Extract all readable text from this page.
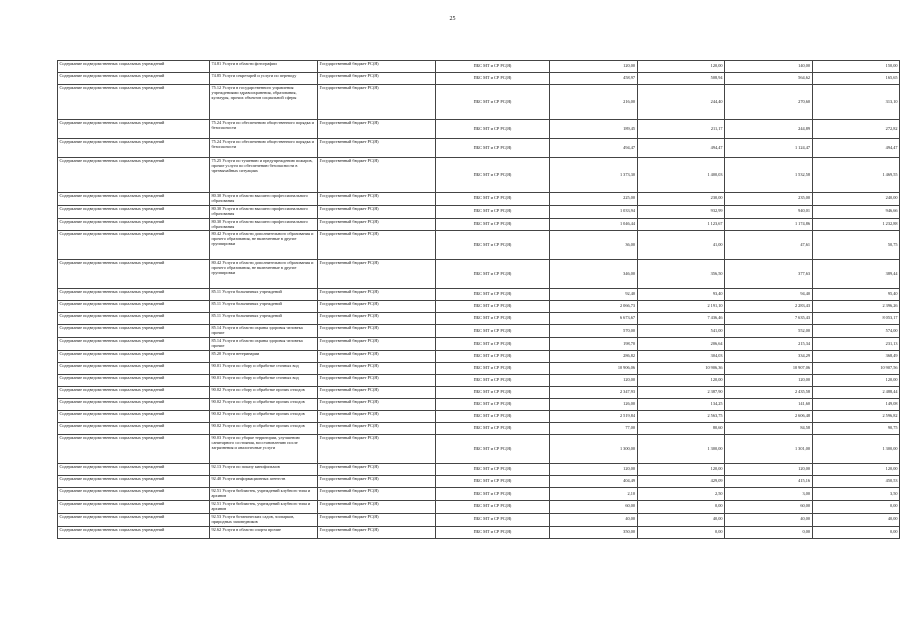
25
Содержание подведомственных социальных учреждений	74.81 Услуги в области фотографии	Государственный бюджет РС(Я)	ПБС МТ и СР РС(Я)	120,00	120,00	140,00	150,00
Содержание подведомственных социальных учреждений	74.85 Услуги секретарей и услуги по переводу	Государственный бюджет РС(Я)	ПБС МТ и СР РС(Я)	458,97	508,94	564,62	165,65
Содержание подведомственных социальных учреждений	75.12 Услуги в государственного управления учреждениями здравоохранения, образования, культуры, прочих объектов социальной сферы	Государственный бюджет РС(Я)	ПБС МТ и СР РС(Я)	216,00	244,40	270,60	313,10
Содержание подведомственных социальных учреждений	75.24 Услуги по обеспечению общественного порядка и безопасности	Государственный бюджет РС(Я)	ПБС МТ и СР РС(Я)	189,45	211,17	244,89	272,82
Содержание подведомственных социальных учреждений	75.24 Услуги по обеспечению общественного порядка и безопасности	Государственный бюджет РС(Я)	ПБС МТ и СР РС(Я)	494,47	494,47	1 124,47	494,47
Содержание подведомственных социальных учреждений	75.25 Услуги по тушению и предупреждению пожаров, прочие услуги по обеспечению безопасности в чрезвычайных ситуациях	Государственный бюджет РС(Я)	ПБС МТ и СР РС(Я)	1 373,30	1 400,03	1 532,58	1 469,55
Содержание подведомственных социальных учреждений	80.30 Услуги в области высшего профессионального образования	Государственный бюджет РС(Я)	ПБС МТ и СР РС(Я)	225,00	230,00	235,00	240,00
Содержание подведомственных социальных учреждений	80.30 Услуги в области высшего профессионального образования	Государственный бюджет РС(Я)	ПБС МТ и СР РС(Я)	1 033,94	932,99	940,01	946,66
Содержание подведомственных социальных учреждений	80.30 Услуги в области высшего профессионального образования	Государственный бюджет РС(Я)	ПБС МТ и СР РС(Я)	1 046,44	1 123,67	1 174,86	1 232,88
Содержание подведомственных социальных учреждений	80.42 Услуги в области дополнительного образования и прочего образования, не включенные в другие группировки	Государственный бюджет РС(Я)	ПБС МТ и СР РС(Я)	36,00	41,00	47,61	50,75
Содержание подведомственных социальных учреждений	80.42 Услуги в области дополнительного образования и прочего образования, не включенные в другие группировки	Государственный бюджет РС(Я)	ПБС МТ и СР РС(Я)	346,00	356,50	377,63	389,44
Содержание подведомственных социальных учреждений	85.11 Услуги больничных учреждений	Государственный бюджет РС(Я)	ПБС МТ и СР РС(Я)	92,40	93,40	94,40	95,40
Содержание подведомственных социальных учреждений	85.11 Услуги больничных учреждений	Государственный бюджет РС(Я)	ПБС МТ и СР РС(Я)	2 066,73	2 191,10	2 283,43	2 396,26
Содержание подведомственных социальных учреждений	85.11 Услуги больничных учреждений	Государственный бюджет РС(Я)	ПБС МТ и СР РС(Я)	6 673,67	7 436,46	7 635,43	8 053,17
Содержание подведомственных социальных учреждений	85.14 Услуги в области охраны здоровья человека прочие	Государственный бюджет РС(Я)	ПБС МТ и СР РС(Я)	570,00	541,00	552,00	574,00
Содержание подведомственных социальных учреждений	85.14 Услуги в области охраны здоровья человека прочие	Государственный бюджет РС(Я)	ПБС МТ и СР РС(Я)	198,70	206,64	215,34	231,13
Содержание подведомственных социальных учреждений	85.20 Услуги ветеринарии	Государственный бюджет РС(Я)	ПБС МТ и СР РС(Я)	286,82	304,03	334,29	368,49
Содержание подведомственных социальных учреждений	90.01 Услуги по сбору и обработке сточных вод	Государственный бюджет РС(Я)	ПБС МТ и СР РС(Я)	10 906,06	10 906,36	10 907,06	10 907,56
Содержание подведомственных социальных учреждений	90.01 Услуги по сбору и обработке сточных вод	Государственный бюджет РС(Я)	ПБС МТ и СР РС(Я)	120,00	120,00	120,00	120,00
Содержание подведомственных социальных учреждений	90.02 Услуги по сбору и обработке прочих отходов	Государственный бюджет РС(Я)	ПБС МТ и СР РС(Я)	2 347,93	2 387,90	2 435,58	2 488,44
Содержание подведомственных социальных учреждений	90.02 Услуги по сбору и обработке прочих отходов	Государственный бюджет РС(Я)	ПБС МТ и СР РС(Я)	126,00	134,25	141,60	149,08
Содержание подведомственных социальных учреждений	90.02 Услуги по сбору и обработке прочих отходов	Государственный бюджет РС(Я)	ПБС МТ и СР РС(Я)	2 519,84	2 563,75	2 606,48	2 596,82
Содержание подведомственных социальных учреждений	90.02 Услуги по сбору и обработке прочих отходов	Государственный бюджет РС(Я)	ПБС МТ и СР РС(Я)	77,00	80,60	84,58	90,75
Содержание подведомственных социальных учреждений	90.03 Услуги по уборке территории, улучшению санитарного состояния, восстановлению после загрязнения и аналогичные услуги	Государственный бюджет РС(Я)	ПБС МТ и СР РС(Я)	1 300,00	1 300,00	1 301,00	1 300,00
Содержание подведомственных социальных учреждений	92.13 Услуги по показу кинофильмов	Государственный бюджет РС(Я)	ПБС МТ и СР РС(Я)	120,00	120,00	120,00	120,00
Содержание подведомственных социальных учреждений	92.40 Услуги информационных агентств	Государственный бюджет РС(Я)	ПБС МТ и СР РС(Я)	404,49	429,09	415,16	450,53
Содержание подведомственных социальных учреждений	92.51 Услуги библиотек, учреждений клубного типа и архивов	Государственный бюджет РС(Я)	ПБС МТ и СР РС(Я)	2,10	2,50	3,00	3,50
Содержание подведомственных социальных учреждений	92.51 Услуги библиотек, учреждений клубного типа и архивов	Государственный бюджет РС(Я)	ПБС МТ и СР РС(Я)	60,00	0,00	60,00	0,00
Содержание подведомственных социальных учреждений	92.53 Услуги ботанических садов, зоопарков, природных заповедников	Государственный бюджет РС(Я)	ПБС МТ и СР РС(Я)	40,00	40,00	40,00	40,00
Содержание подведомственных социальных учреждений	92.62 Услуги в области спорта прочие	Государственный бюджет РС(Я)	ПБС МТ и СР РС(Я)	350,00	0,00	0,00	0,00
